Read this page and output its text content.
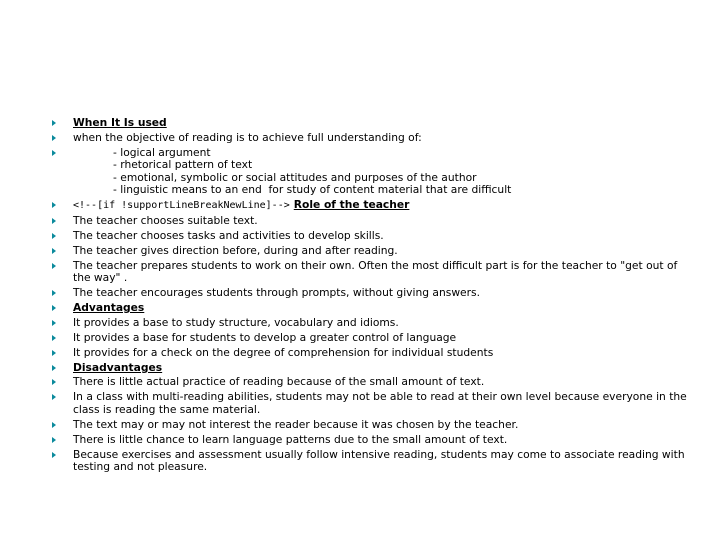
When It Is used
when the objective of reading is to achieve full understanding of:
- logical argument
- rhetorical pattern of text
- emotional, symbolic or social attitudes and purposes of the author
- linguistic means to an end  for study of content material that are difficult
<!--[if !supportLineBreakNewLine]--> Role of the teacher
The teacher chooses suitable text.
The teacher chooses tasks and activities to develop skills.
The teacher gives direction before, during and after reading.
The teacher prepares students to work on their own. Often the most difficult part is for the teacher to "get out of the way" .
The teacher encourages students through prompts, without giving answers.
Advantages
It provides a base to study structure, vocabulary and idioms.
It provides a base for students to develop a greater control of language
It provides for a check on the degree of comprehension for individual students
Disadvantages
There is little actual practice of reading because of the small amount of text.
In a class with multi-reading abilities, students may not be able to read at their own level because everyone in the class is reading the same material.
The text may or may not interest the reader because it was chosen by the teacher.
There is little chance to learn language patterns due to the small amount of text.
Because exercises and assessment usually follow intensive reading, students may come to associate reading with testing and not pleasure.
